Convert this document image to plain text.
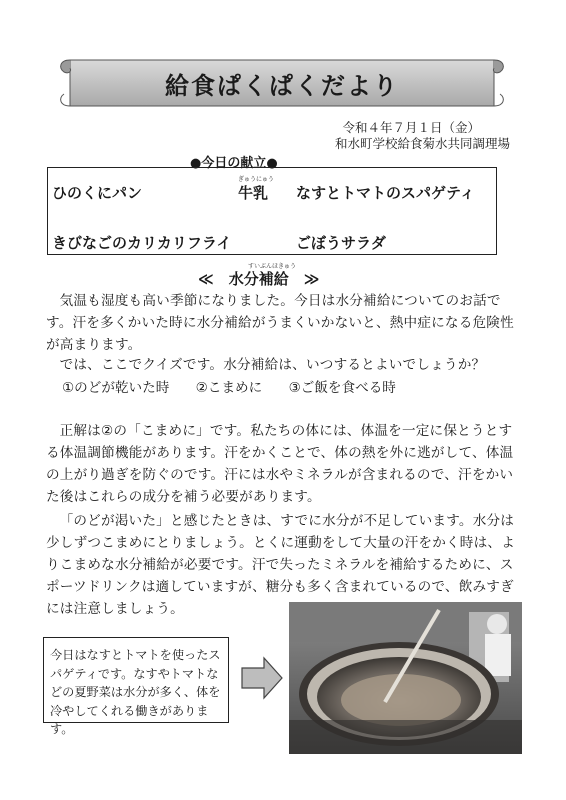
給食ぱくぱくだより
令和４年７月１日（金）
和水町学校給食菊水共同調理場
●今日の献立●
ひのくにパン
ぎゅうにゅう
牛乳 なすとトマトのスパゲティ
きびなごのカリカリフライ	ごぼうサラダ
すいぶんほきゅう
≪　水分補給　≫

気温も湿度も高い季節になりました。今日は水分補給についてのお話です。汗を多くかいた時に水分補給がうまくいかないと、熱中症になる危険性が高まります。

では、ここでクイズです。水分補給は、いつするとよいでしょうか？

①のどが乾いた時 ②こまめに ③ご飯を食べる時

正解は②の「こまめに」です。私たちの体には、体温を一定に保とうとする体温調節機能があります。汗をかくことで、体の熱を外に逃がして、体温の上がり過ぎを防ぐのです。汗には水やミネラルが含まれるので、汗をかいた後はこれらの成分を補う必要があります。

「のどが渇いた」と感じたときは、すでに水分が不足しています。水分は少しずつこまめにとりましょう。とくに運動をして大量の汗をかく時は、よりこまめな水分補給が必要です。汗で失ったミネラルを補給するために、スポーツドリンクは適していますが、糖分も多く含まれているので、飲みすぎには注意しましょう。

今日はなすとトマトを使ったスパゲティです。なすやトマトなどの夏野菜は水分が多く、体を冷やしてくれる働きがあります。
